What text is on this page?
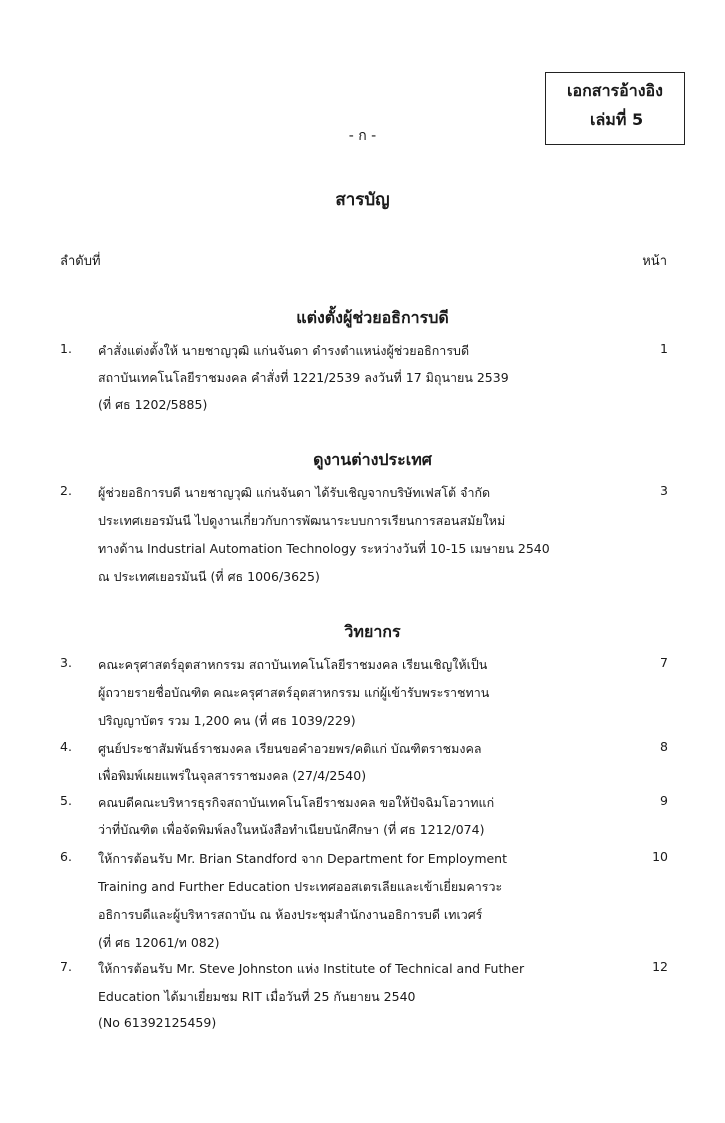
เอกสารอ้างอิง
เล่มที่ 5
- ก -
สารบัญ
ลำดับที่	หน้า
แต่งตั้งผู้ช่วยอธิการบดี
1. คำสั่งแต่งตั้งให้ นายชาญวุฒิ แก่นจันดา ดำรงตำแหน่งผู้ช่วยอธิการบดี
สถาบันเทคโนโลยีราชมงคล คำสั่งที่ 1221/2539 ลงวันที่ 17 มิถุนายน 2539
(ที่ ศธ 1202/5885)
1
ดูงานต่างประเทศ
2. ผู้ช่วยอธิการบดี นายชาญวุฒิ แก่นจันดา ได้รับเชิญจากบริษัทเฟสโต้ จำกัด
ประเทศเยอรมันนี ไปดูงานเกี่ยวกับการพัฒนาระบบการเรียนการสอนสมัยใหม่
ทางด้าน Industrial Automation Technology ระหว่างวันที่ 10-15 เมษายน 2540
ณ ประเทศเยอรมันนี (ที่ ศธ 1006/3625)
3
วิทยากร
3. คณะครุศาสตร์อุตสาหกรรม สถาบันเทคโนโลยีราชมงคล เรียนเชิญให้เป็น
ผู้ถวายรายชื่อบัณฑิต คณะครุศาสตร์อุตสาหกรรม แก่ผู้เข้ารับพระราชทาน
ปริญญาบัตร รวม 1,200 คน (ที่ ศธ 1039/229)
7
4. ศูนย์ประชาสัมพันธ์ราชมงคล เรียนขอคำอวยพร/คติแก่ บัณฑิตราชมงคล
เพื่อพิมพ์เผยแพร่ในจุลสารราชมงคล (27/4/2540)
8
5. คณบดีคณะบริหารธุรกิจสถาบันเทคโนโลยีราชมงคล ขอให้ปัจฉิมโอวาทแก่
ว่าที่บัณฑิต เพื่อจัดพิมพ์ลงในหนังสือทำเนียบนักศึกษา (ที่ ศธ 1212/074)
9
6. ให้การต้อนรับ Mr. Brian Standford จาก Department for Employment
Training and Further Education ประเทศออสเตรเลียและเข้าเยี่ยมคารวะ
อธิการบดีและผู้บริหารสถาบัน ณ ห้องประชุมสำนักงานอธิการบดี เทเวศร์
(ที่ ศธ 12061/ท 082)
10
7. ให้การต้อนรับ Mr. Steve Johnston แห่ง Institute of Technical and Futher
Education ได้มาเยี่ยมชม RIT เมื่อวันที่ 25 กันยายน 2540
(No 61392125459)
12
